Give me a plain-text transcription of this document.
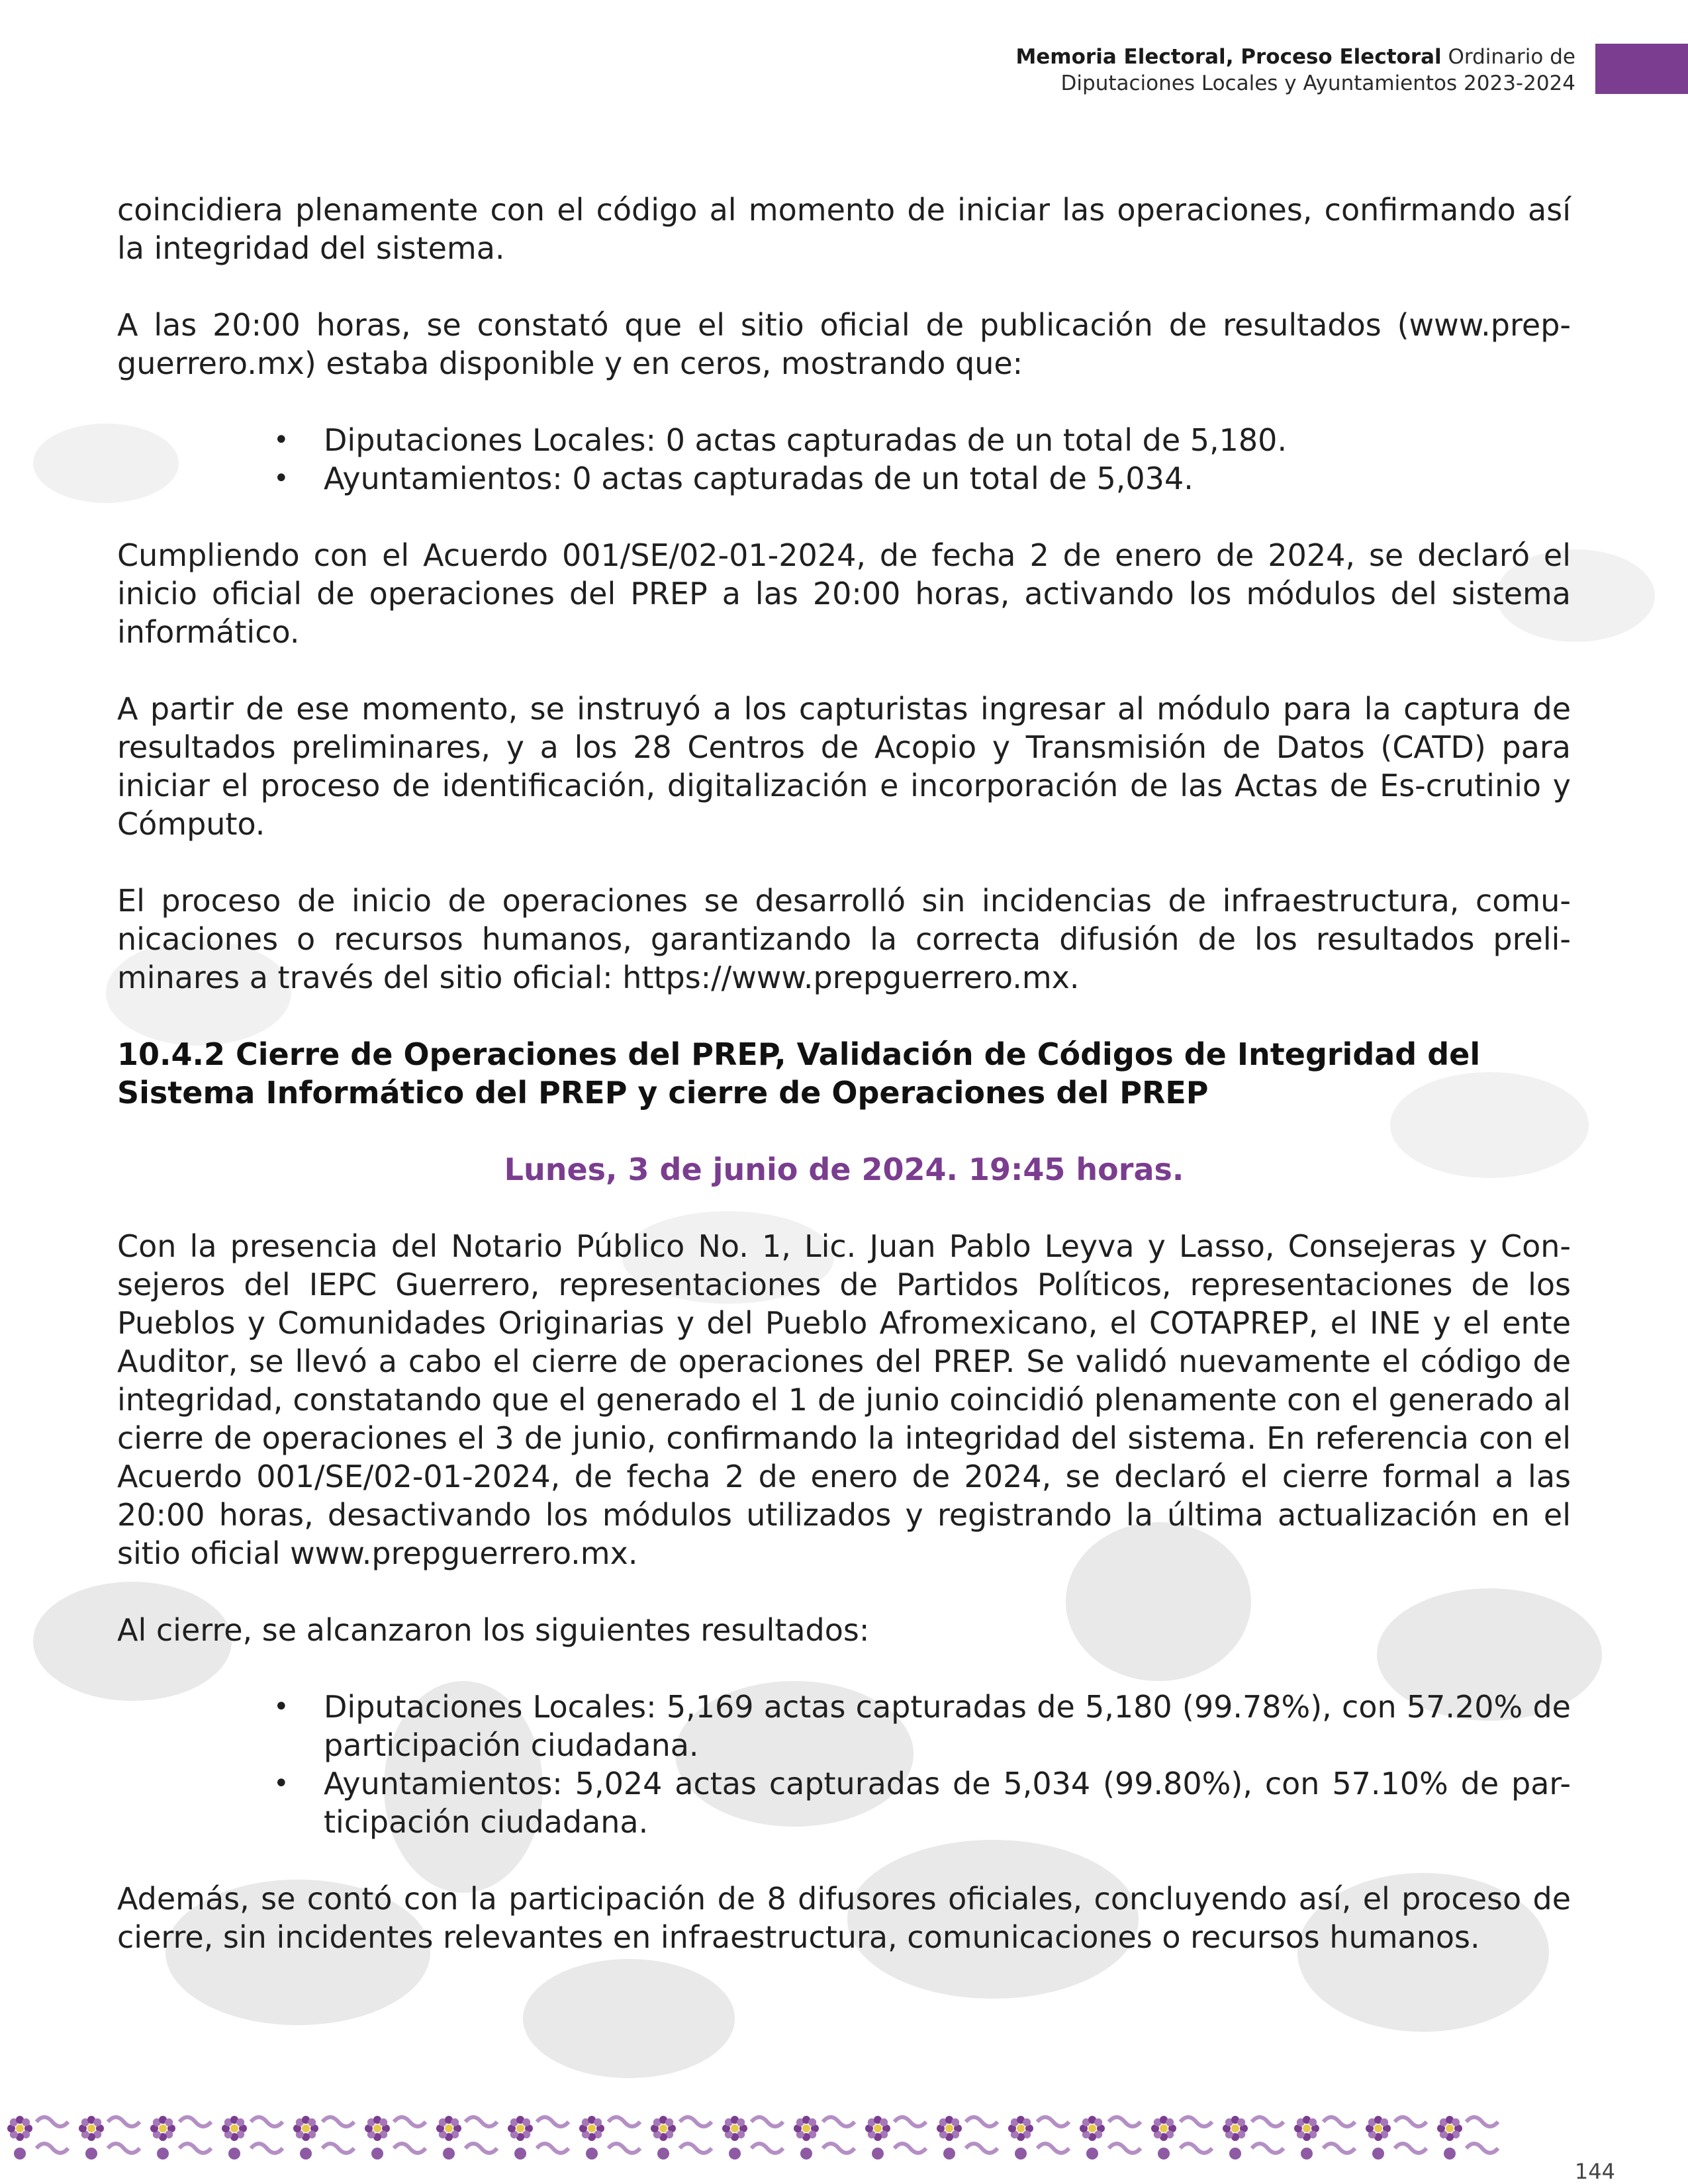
Memoria Electoral, Proceso Electoral Ordinario de
Diputaciones Locales y Ayuntamientos 2023-2024

coincidiera plenamente con el código al momento de iniciar las operaciones, confirmando así la integridad del sistema.

A las 20:00 horas, se constató que el sitio oficial de publicación de resultados (www.prep-guerrero.mx) estaba disponible y en ceros, mostrando que:

• Diputaciones Locales: 0 actas capturadas de un total de 5,180.
• Ayuntamientos: 0 actas capturadas de un total de 5,034.

Cumpliendo con el Acuerdo 001/SE/02-01-2024, de fecha 2 de enero de 2024, se declaró el inicio oficial de operaciones del PREP a las 20:00 horas, activando los módulos del sistema informático.

A partir de ese momento, se instruyó a los capturistas ingresar al módulo para la captura de resultados preliminares, y a los 28 Centros de Acopio y Transmisión de Datos (CATD) para iniciar el proceso de identificación, digitalización e incorporación de las Actas de Es-crutinio y Cómputo.

El proceso de inicio de operaciones se desarrolló sin incidencias de infraestructura, comu-nicaciones o recursos humanos, garantizando la correcta difusión de los resultados preli-minares a través del sitio oficial: https://www.prepguerrero.mx.

10.4.2 Cierre de Operaciones del PREP, Validación de Códigos de Integridad del Sistema Informático del PREP y cierre de Operaciones del PREP
Lunes, 3 de junio de 2024. 19:45 horas.

Con la presencia del Notario Público No. 1, Lic. Juan Pablo Leyva y Lasso, Consejeras y Con-sejeros del IEPC Guerrero, representaciones de Partidos Políticos, representaciones de los Pueblos y Comunidades Originarias y del Pueblo Afromexicano, el COTAPREP, el INE y el ente Auditor, se llevó a cabo el cierre de operaciones del PREP. Se validó nuevamente el código de integridad, constatando que el generado el 1 de junio coincidió plenamente con el generado al cierre de operaciones el 3 de junio, confirmando la integridad del sistema. En referencia con el Acuerdo 001/SE/02-01-2024, de fecha 2 de enero de 2024, se declaró el cierre formal a las 20:00 horas, desactivando los módulos utilizados y registrando la última actualización en el sitio oficial www.prepguerrero.mx.

Al cierre, se alcanzaron los siguientes resultados:

• Diputaciones Locales: 5,169 actas capturadas de 5,180 (99.78%), con 57.20% de participación ciudadana.
• Ayuntamientos: 5,024 actas capturadas de 5,034 (99.80%), con 57.10% de par-ticipación ciudadana.

Además, se contó con la participación de 8 difusores oficiales, concluyendo así, el proceso de cierre, sin incidentes relevantes en infraestructura, comunicaciones o recursos humanos.

144
